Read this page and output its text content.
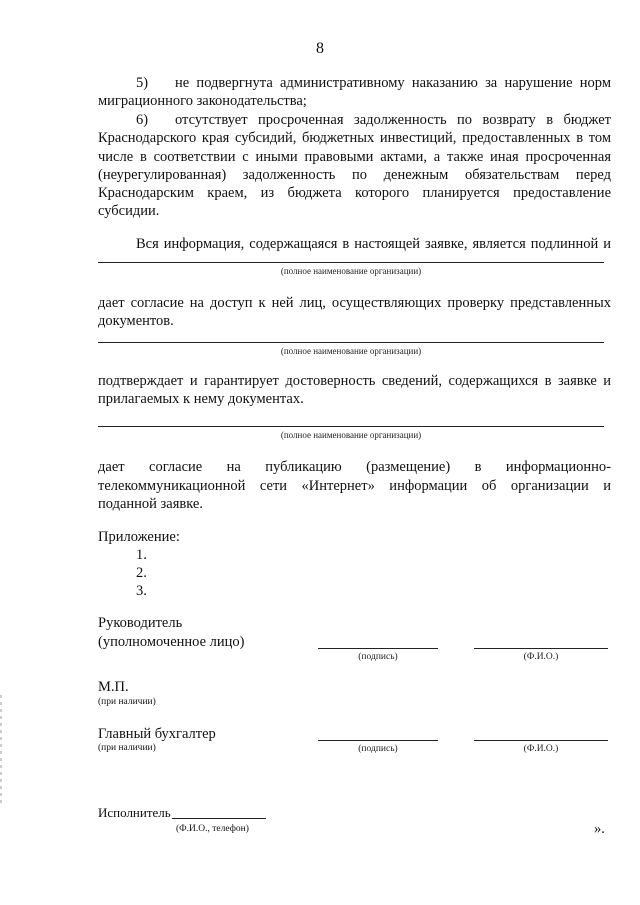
8
5) не подвергнута административному наказанию за нарушение норм
миграционного законодательства;
6) отсутствует просроченная задолженность по возврату в бюджет
Краснодарского края субсидий, бюджетных инвестиций, предоставленных в том
числе в соответствии с иными правовыми актами, а также иная просроченная
(неурегулированная) задолженность по денежным обязательствам перед
Краснодарским краем, из бюджета которого планируется предоставление
субсидии.
Вся информация, содержащаяся в настоящей заявке, является подлинной и
(полное наименование организации)
дает согласие на доступ к ней лиц, осуществляющих проверку представленных
документов.
(полное наименование организации)
подтверждает и гарантирует достоверность сведений, содержащихся в заявке и
прилагаемых к нему документах.
(полное наименование организации)
дает согласие на публикацию (размещение) в информационно-
телекоммуникационной сети «Интернет» информации об организации и
поданной заявке.
Приложение:
1.
2.
3.
Руководитель
(уполномоченное лицо)
(подпись)	(Ф.И.О.)
М.П.
(при наличии)
Главный бухгалтер
(при наличии)	(подпись)	(Ф.И.О.)
Исполнитель
(Ф.И.О., телефон)	».
